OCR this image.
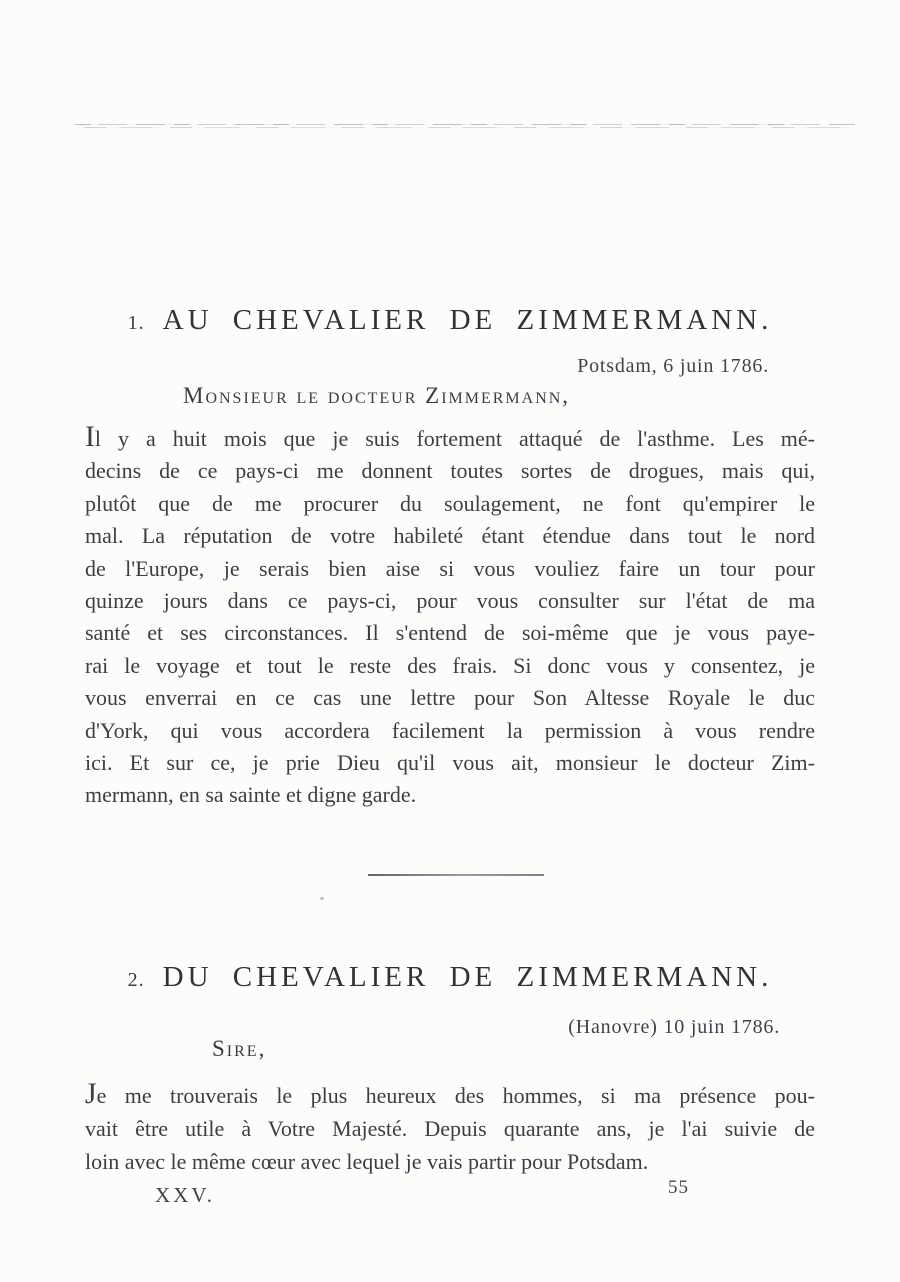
1. AU CHEVALIER DE ZIMMERMANN.
Potsdam, 6 juin 1786.
Monsieur le docteur Zimmermann,
Il y a huit mois que je suis fortement attaqué de l'asthme. Les mé-
decins de ce pays-ci me donnent toutes sortes de drogues, mais qui,
plutôt que de me procurer du soulagement, ne font qu'empirer le
mal. La réputation de votre habileté étant étendue dans tout le nord
de l'Europe, je serais bien aise si vous vouliez faire un tour pour
quinze jours dans ce pays-ci, pour vous consulter sur l'état de ma
santé et ses circonstances. Il s'entend de soi-même que je vous paye-
rai le voyage et tout le reste des frais. Si donc vous y consentez, je
vous enverrai en ce cas une lettre pour Son Altesse Royale le duc
d'York, qui vous accordera facilement la permission à vous rendre
ici. Et sur ce, je prie Dieu qu'il vous ait, monsieur le docteur Zim-
mermann, en sa sainte et digne garde.
2. DU CHEVALIER DE ZIMMERMANN.
(Hanovre) 10 juin 1786.
Sire,
Je me trouverais le plus heureux des hommes, si ma présence pou-
vait être utile à Votre Majesté. Depuis quarante ans, je l'ai suivie de
loin avec le même cœur avec lequel je vais partir pour Potsdam.
XXV.	55
